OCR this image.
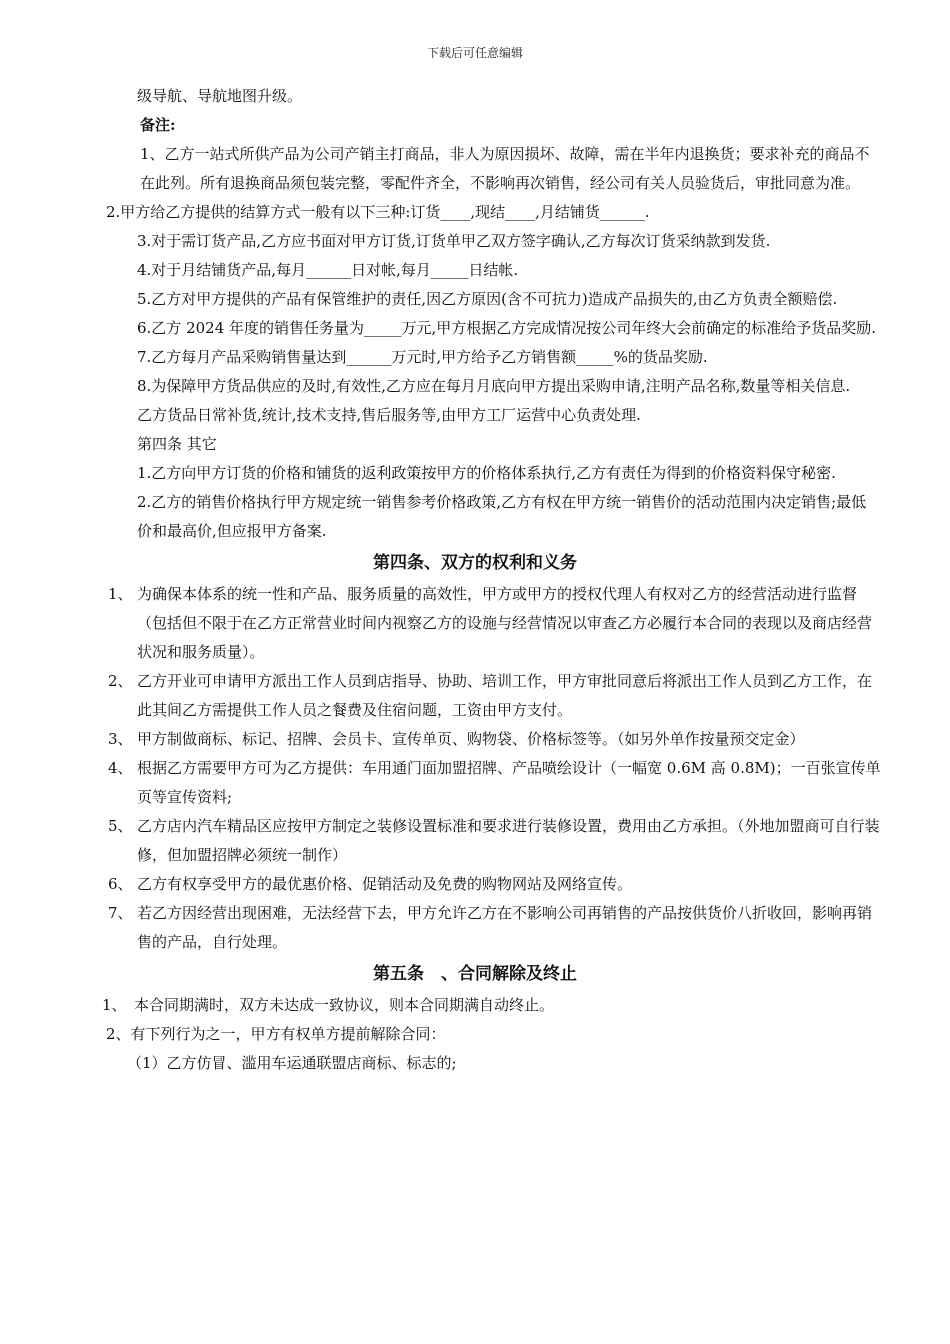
下载后可任意编辑

级导航、导航地图升级。

备注:

1、乙方一站式所供产品为公司产销主打商品，非人为原因损坏、故障，需在半年内退换货；要求补充的商品不在此列。所有退换商品须包装完整，零配件齐全，不影响再次销售，经公司有关人员验货后，审批同意为准。

2.甲方给乙方提供的结算方式一般有以下三种:订货____,现结____,月结铺货______.

3.对于需订货产品,乙方应书面对甲方订货,订货单甲乙双方签字确认,乙方每次订货采纳款到发货.

4.对于月结铺货产品,每月______日对帐,每月_____日结帐.

5.乙方对甲方提供的产品有保管维护的责任,因乙方原因(含不可抗力)造成产品损失的,由乙方负责全额赔偿.

6.乙方 2024 年度的销售任务量为_____万元,甲方根据乙方完成情况按公司年终大会前确定的标准给予货品奖励.

7.乙方每月产品采购销售量达到______万元时,甲方给予乙方销售额_____%的货品奖励.

8.为保障甲方货品供应的及时,有效性,乙方应在每月月底向甲方提出采购申请,注明产品名称,数量等相关信息.

乙方货品日常补货,统计,技术支持,售后服务等,由甲方工厂运营中心负责处理.

第四条 其它

1.乙方向甲方订货的价格和铺货的返利政策按甲方的价格体系执行,乙方有责任为得到的价格资料保守秘密.

2.乙方的销售价格执行甲方规定统一销售参考价格政策,乙方有权在甲方统一销售价的活动范围内决定销售;最低价和最高价,但应报甲方备案.

第四条、双方的权利和义务
1、 为确保本体系的统一性和产品、服务质量的高效性，甲方或甲方的授权代理人有权对乙方的经营活动进行监督（包括但不限于在乙方正常营业时间内视察乙方的设施与经营情况以审查乙方必履行本合同的表现以及商店经营状况和服务质量）。
2、 乙方开业可申请甲方派出工作人员到店指导、协助、培训工作，甲方审批同意后将派出工作人员到乙方工作，在此其间乙方需提供工作人员之餐费及住宿问题，工资由甲方支付。
3、 甲方制做商标、标记、招牌、会员卡、宣传单页、购物袋、价格标签等。（如另外单作按量预交定金）
4、 根据乙方需要甲方可为乙方提供：车用通门面加盟招牌、产品喷绘设计（一幅宽 0.6M 高 0.8M)；一百张宣传单页等宣传资料;
5、 乙方店内汽车精品区应按甲方制定之装修设置标准和要求进行装修设置，费用由乙方承担。（外地加盟商可自行装修，但加盟招牌必须统一制作）
6、 乙方有权享受甲方的最优惠价格、促销活动及免费的购物网站及网络宣传。
7、 若乙方因经营出现困难，无法经营下去，甲方允许乙方在不影响公司再销售的产品按供货价八折收回，影响再销售的产品，自行处理。
第五条　、合同解除及终止

1、　本合同期满时，双方未达成一致协议，则本合同期满自动终止。

2、有下列行为之一，甲方有权单方提前解除合同：

（1）乙方仿冒、滥用车运通联盟店商标、标志的;
